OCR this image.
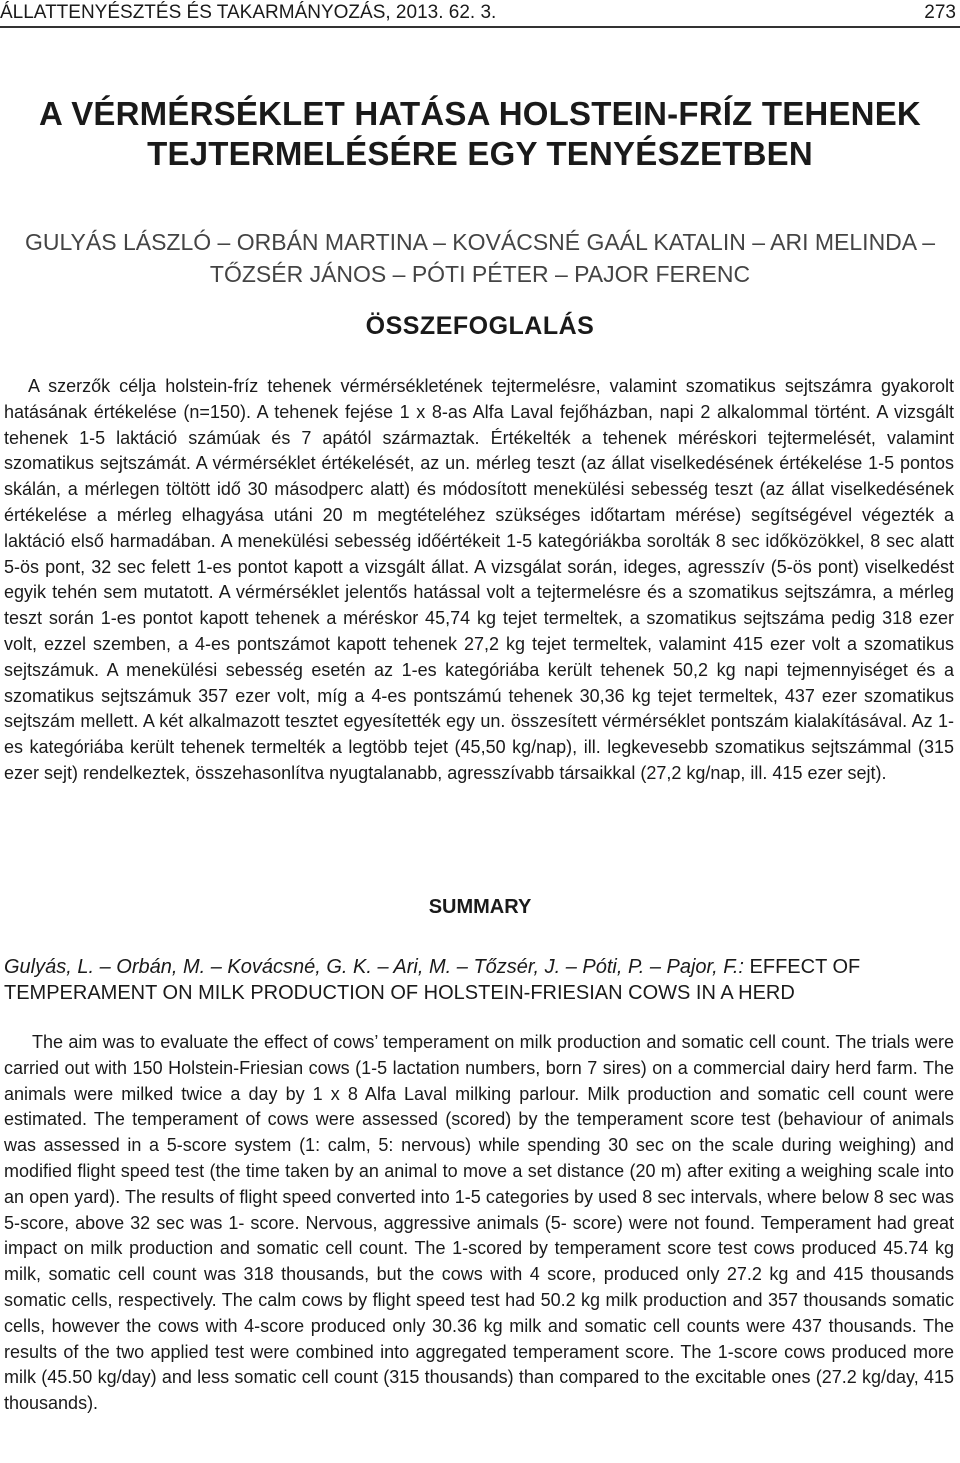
ÁLLATTENYÉSZTÉS ÉS TAKARMÁNYOZÁS, 2013. 62. 3.	273
A VÉRMÉRSÉKLET HATÁSA HOLSTEIN-FRÍZ TEHENEK
TEJTERMELÉSÉRE EGY TENYÉSZETBEN
GULYÁS LÁSZLÓ – ORBÁN MARTINA – KOVÁCSNÉ GAÁL KATALIN – ARI MELINDA –
TŐZSÉR JÁNOS – PÓTI PÉTER – PAJOR FERENC
ÖSSZEFOGLALÁS

A szerzők célja holstein-fríz tehenek vérmérsékletének tejtermelésre, valamint szomatikus sejtszámra gyakorolt hatásának értékelése (n=150). A tehenek fejése 1 x 8-as Alfa Laval fejőházban, napi 2 alkalommal történt. A vizsgált tehenek 1-5 laktáció számúak és 7 apától származtak. Értékelték a tehenek méréskori tejtermelését, valamint szomatikus sejtszámát. A vérmérséklet értékelését, az un. mérleg teszt (az állat viselkedésének értékelése 1-5 pontos skálán, a mérlegen töltött idő 30 másodperc alatt) és módosított menekülési sebesség teszt (az állat viselkedésének értékelése a mérleg elhagyása utáni 20 m megtételéhez szükséges időtartam mérése) segítségével végezték a laktáció első harmadában. A menekülési sebesség időértékeit 1-5 kategóriákba sorolták 8 sec időközökkel, 8 sec alatt 5-ös pont, 32 sec felett 1-es pontot kapott a vizsgált állat. A vizsgálat során, ideges, agresszív (5-ös pont) viselkedést egyik tehén sem mutatott. A vérmérséklet jelentős hatással volt a tejtermelésre és a szomatikus sejtszámra, a mérleg teszt során 1-es pontot kapott tehenek a méréskor 45,74 kg tejet termeltek, a szomatikus sejtszáma pedig 318 ezer volt, ezzel szemben, a 4-es pontszámot kapott tehenek 27,2 kg tejet termeltek, valamint 415 ezer volt a szomatikus sejtszámuk. A menekülési sebesség esetén az 1-es kategóriába került tehenek 50,2 kg napi tejmennyiséget és a szomatikus sejtszámuk 357 ezer volt, míg a 4-es pontszámú tehenek 30,36 kg tejet termeltek, 437 ezer szomatikus sejtszám mellett. A két alkalmazott tesztet egyesítették egy un. összesített vérmérséklet pontszám kialakításával. Az 1-es kategóriába került tehenek termelték a legtöbb tejet (45,50 kg/nap), ill. legkevesebb szomatikus sejtszámmal (315 ezer sejt) rendelkeztek, összehasonlítva nyugtalanabb, agresszívabb társaikkal (27,2 kg/nap, ill. 415 ezer sejt).

SUMMARY
Gulyás, L. – Orbán, M. – Kovácsné, G. K. – Ari, M. – Tőzsér, J. – Póti, P. – Pajor, F.: EFFECT OF TEMPERAMENT ON MILK PRODUCTION OF HOLSTEIN-FRIESIAN COWS IN A HERD

The aim was to evaluate the effect of cows’ temperament on milk production and somatic cell count. The trials were carried out with 150 Holstein-Friesian cows (1-5 lactation numbers, born 7 sires) on a commercial dairy herd farm. The animals were milked twice a day by 1 x 8 Alfa Laval milking parlour. Milk production and somatic cell count were estimated. The temperament of cows were assessed (scored) by the temperament score test (behaviour of animals was assessed in a 5-score system (1: calm, 5: nervous) while spending 30 sec on the scale during weighing) and modified flight speed test (the time taken by an animal to move a set distance (20 m) after exiting a weighing scale into an open yard). The results of flight speed converted into 1-5 categories by used 8 sec intervals, where below 8 sec was 5-score, above 32 sec was 1- score. Nervous, aggressive animals (5- score) were not found. Temperament had great impact on milk production and somatic cell count. The 1-scored by temperament score test cows produced 45.74 kg milk, somatic cell count was 318 thousands, but the cows with 4 score, produced only 27.2 kg and 415 thousands somatic cells, respectively. The calm cows by flight speed test had 50.2 kg milk production and 357 thousands somatic cells, however the cows with 4-score produced only 30.36 kg milk and somatic cell counts were 437 thousands. The results of the two applied test were combined into aggregated temperament score. The 1-score cows produced more milk (45.50 kg/day) and less somatic cell count (315 thousands) than compared to the excitable ones (27.2 kg/day, 415 thousands).
